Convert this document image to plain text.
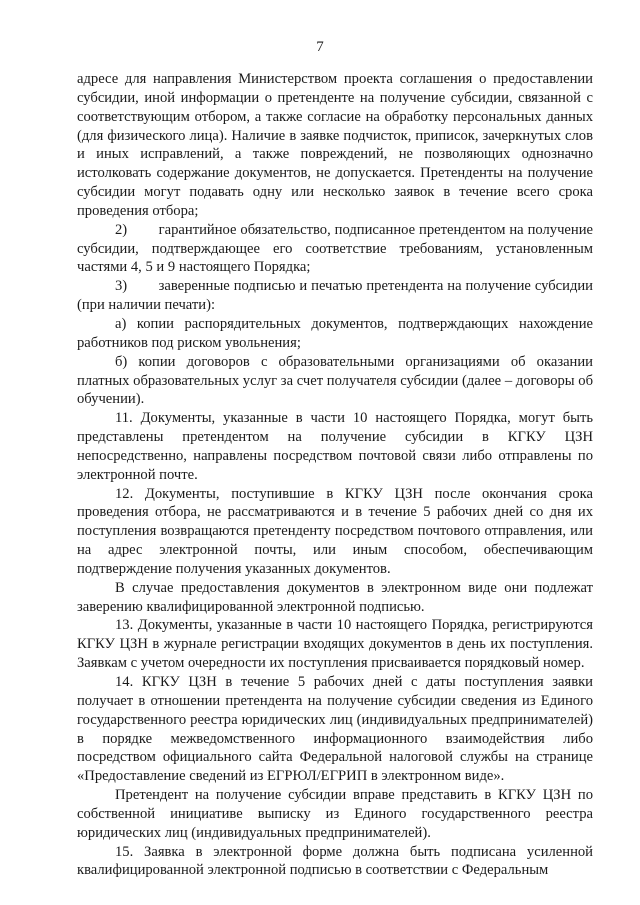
7

адресе для направления Министерством проекта соглашения о предоставлении субсидии, иной информации о претенденте на получение субсидии, связанной с соответствующим отбором, а также согласие на обработку персональных данных (для физического лица). Наличие в заявке подчисток, приписок, зачеркнутых слов и иных исправлений, а также повреждений, не позволяющих однозначно истолковать содержание документов, не допускается. Претенденты на получение субсидии могут подавать одну или несколько заявок в течение всего срока проведения отбора;

2)        гарантийное обязательство, подписанное претендентом на получение субсидии, подтверждающее его соответствие требованиям, установленным частями 4, 5 и 9 настоящего Порядка;

3)        заверенные подписью и печатью претендента на получение субсидии (при наличии печати):

а) копии распорядительных документов, подтверждающих нахождение работников под риском увольнения;

б) копии договоров с образовательными организациями об оказании платных образовательных услуг за счет получателя субсидии (далее – договоры об обучении).

11. Документы, указанные в части 10 настоящего Порядка, могут быть представлены претендентом на получение субсидии в КГКУ ЦЗН непосредственно, направлены посредством почтовой связи либо отправлены по электронной почте.

12. Документы, поступившие в КГКУ ЦЗН после окончания срока проведения отбора, не рассматриваются и в течение 5 рабочих дней со дня их поступления возвращаются претенденту посредством почтового отправления, или на адрес электронной почты, или иным способом, обеспечивающим подтверждение получения указанных документов.

В случае предоставления документов в электронном виде они подлежат заверению квалифицированной электронной подписью.

13. Документы, указанные в части 10 настоящего Порядка, регистрируются КГКУ ЦЗН в журнале регистрации входящих документов в день их поступления. Заявкам с учетом очередности их поступления присваивается порядковый номер.

14. КГКУ ЦЗН в течение 5 рабочих дней с даты поступления заявки получает в отношении претендента на получение субсидии сведения из Единого государственного реестра юридических лиц (индивидуальных предпринимателей) в порядке межведомственного информационного взаимодействия либо посредством официального сайта Федеральной налоговой службы на странице «Предоставление сведений из ЕГРЮЛ/ЕГРИП в электронном виде».

Претендент на получение субсидии вправе представить в КГКУ ЦЗН по собственной инициативе выписку из Единого государственного реестра юридических лиц (индивидуальных предпринимателей).

15. Заявка в электронной форме должна быть подписана усиленной квалифицированной электронной подписью в соответствии с Федеральным
